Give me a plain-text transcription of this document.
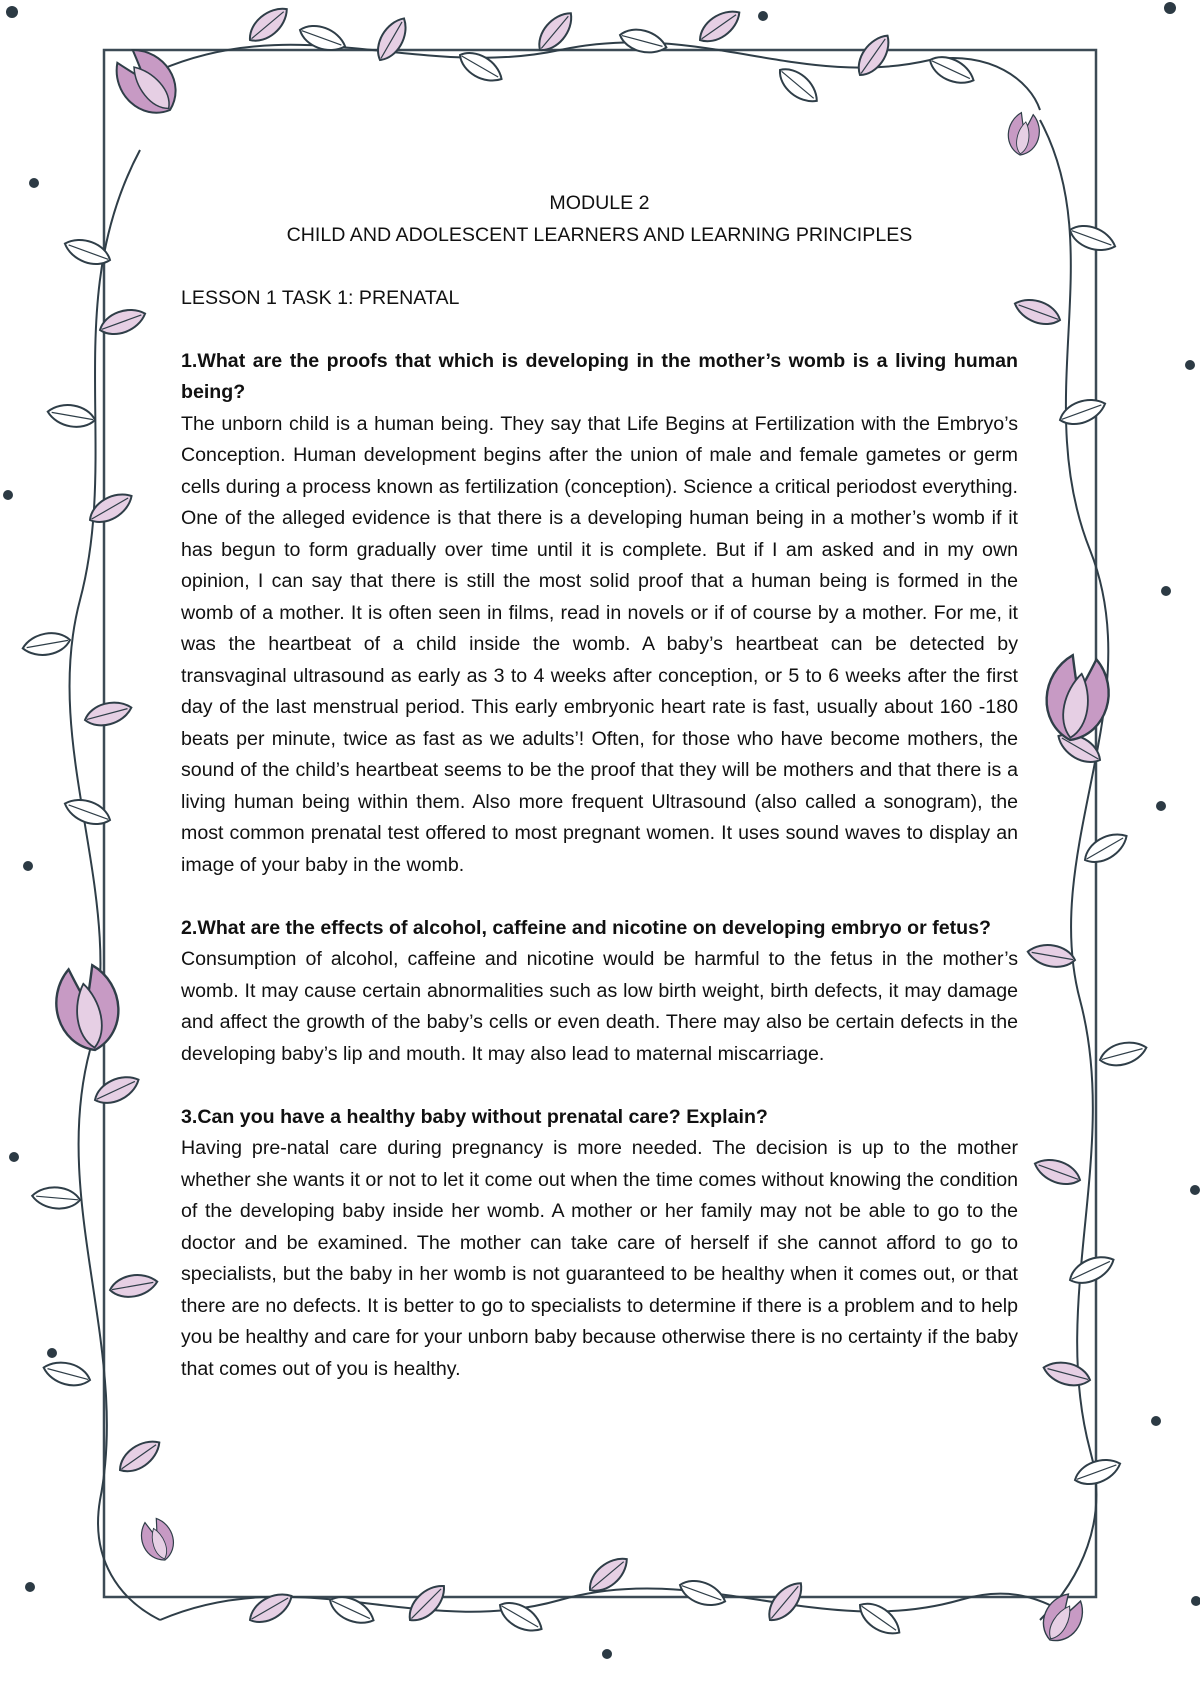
MODULE 2

CHILD AND ADOLESCENT LEARNERS AND LEARNING PRINCIPLES

LESSON 1 TASK 1: PRENATAL

1.What are the proofs that which is developing in the mother’s womb is a living human being?

The unborn child is a human being. They say that Life Begins at Fertilization with the Embryo’s Conception. Human development begins after the union of male and female gametes or germ cells during a process known as fertilization (conception). Science a critical periodost everything. One of the alleged evidence is that there is a developing human being in a mother’s womb if it has begun to form gradually over time until it is complete. But if I am asked and in my own opinion, I can say that there is still the most solid proof that a human being is formed in the womb of a mother. It is often seen in films, read in novels or if of course by a mother. For me, it was the heartbeat of a child inside the womb. A baby’s heartbeat can be detected by transvaginal ultrasound as early as 3 to 4 weeks after conception, or 5 to 6 weeks after the first day of the last menstrual period. This early embryonic heart rate is fast, usually about 160 -180 beats per minute, twice as fast as we adults’! Often, for those who have become mothers, the sound of the child’s heartbeat seems to be the proof that they will be mothers and that there is a living human being within them. Also more frequent Ultrasound (also called a sonogram), the most common prenatal test offered to most pregnant women. It uses sound waves to display an image of your baby in the womb.

2.What are the effects of alcohol, caffeine and nicotine on developing embryo or fetus?

Consumption of alcohol, caffeine and nicotine would be harmful to the fetus in the mother’s womb. It may cause certain abnormalities such as low birth weight, birth defects, it may damage and affect the growth of the baby’s cells or even death. There may also be certain defects in the developing baby’s lip and mouth. It may also lead to maternal miscarriage.

3.Can you have a healthy baby without prenatal care? Explain?

Having pre-natal care during pregnancy is more needed. The decision is up to the mother whether she wants it or not to let it come out when the time comes without knowing the condition of the developing baby inside her womb. A mother or her family may not be able to go to the doctor and be examined. The mother can take care of herself if she cannot afford to go to specialists, but the baby in her womb is not guaranteed to be healthy when it comes out, or that there are no defects. It is better to go to specialists to determine if there is a problem and to help you be healthy and care for your unborn baby because otherwise there is no certainty if the baby that comes out of you is healthy.
